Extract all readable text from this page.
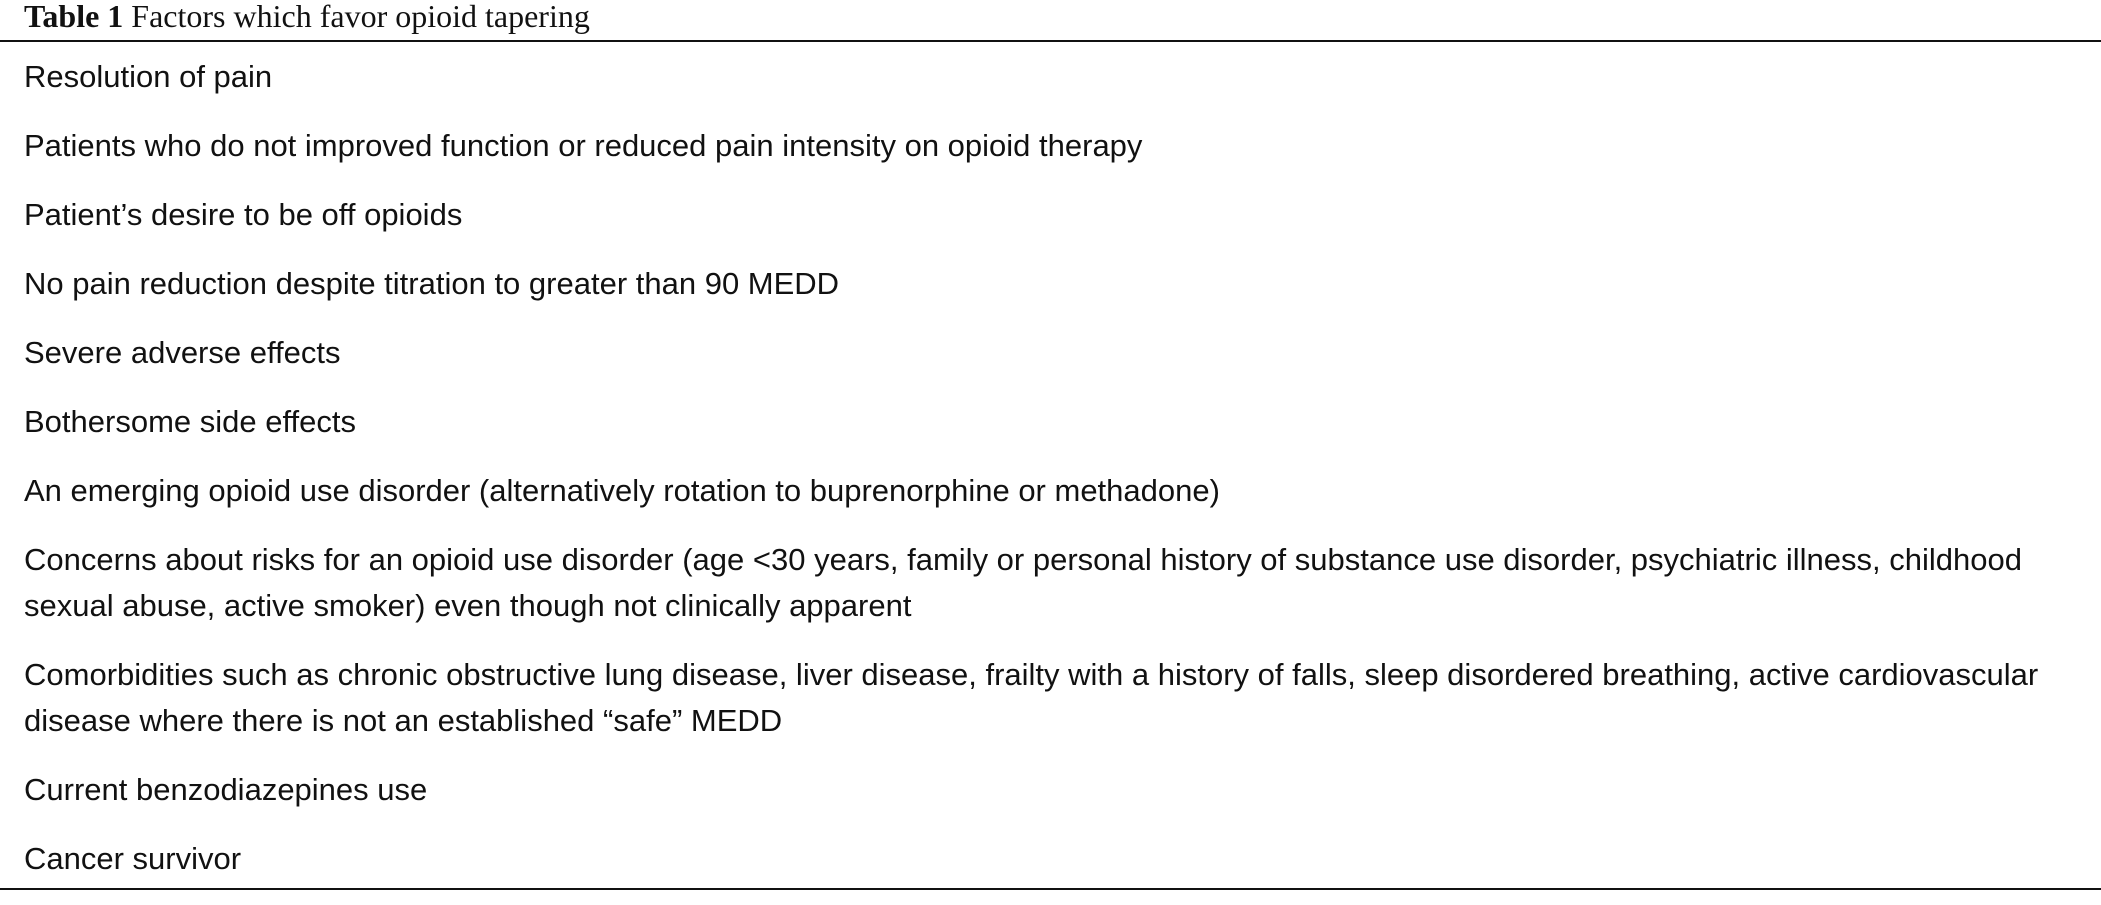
Table 1 Factors which favor opioid tapering
Resolution of pain
Patients who do not improved function or reduced pain intensity on opioid therapy
Patient’s desire to be off opioids
No pain reduction despite titration to greater than 90 MEDD
Severe adverse effects
Bothersome side effects
An emerging opioid use disorder (alternatively rotation to buprenorphine or methadone)
Concerns about risks for an opioid use disorder (age <30 years, family or personal history of substance use disorder, psychiatric illness, childhood sexual abuse, active smoker) even though not clinically apparent
Comorbidities such as chronic obstructive lung disease, liver disease, frailty with a history of falls, sleep disordered breathing, active cardiovascular disease where there is not an established “safe” MEDD
Current benzodiazepines use
Cancer survivor
